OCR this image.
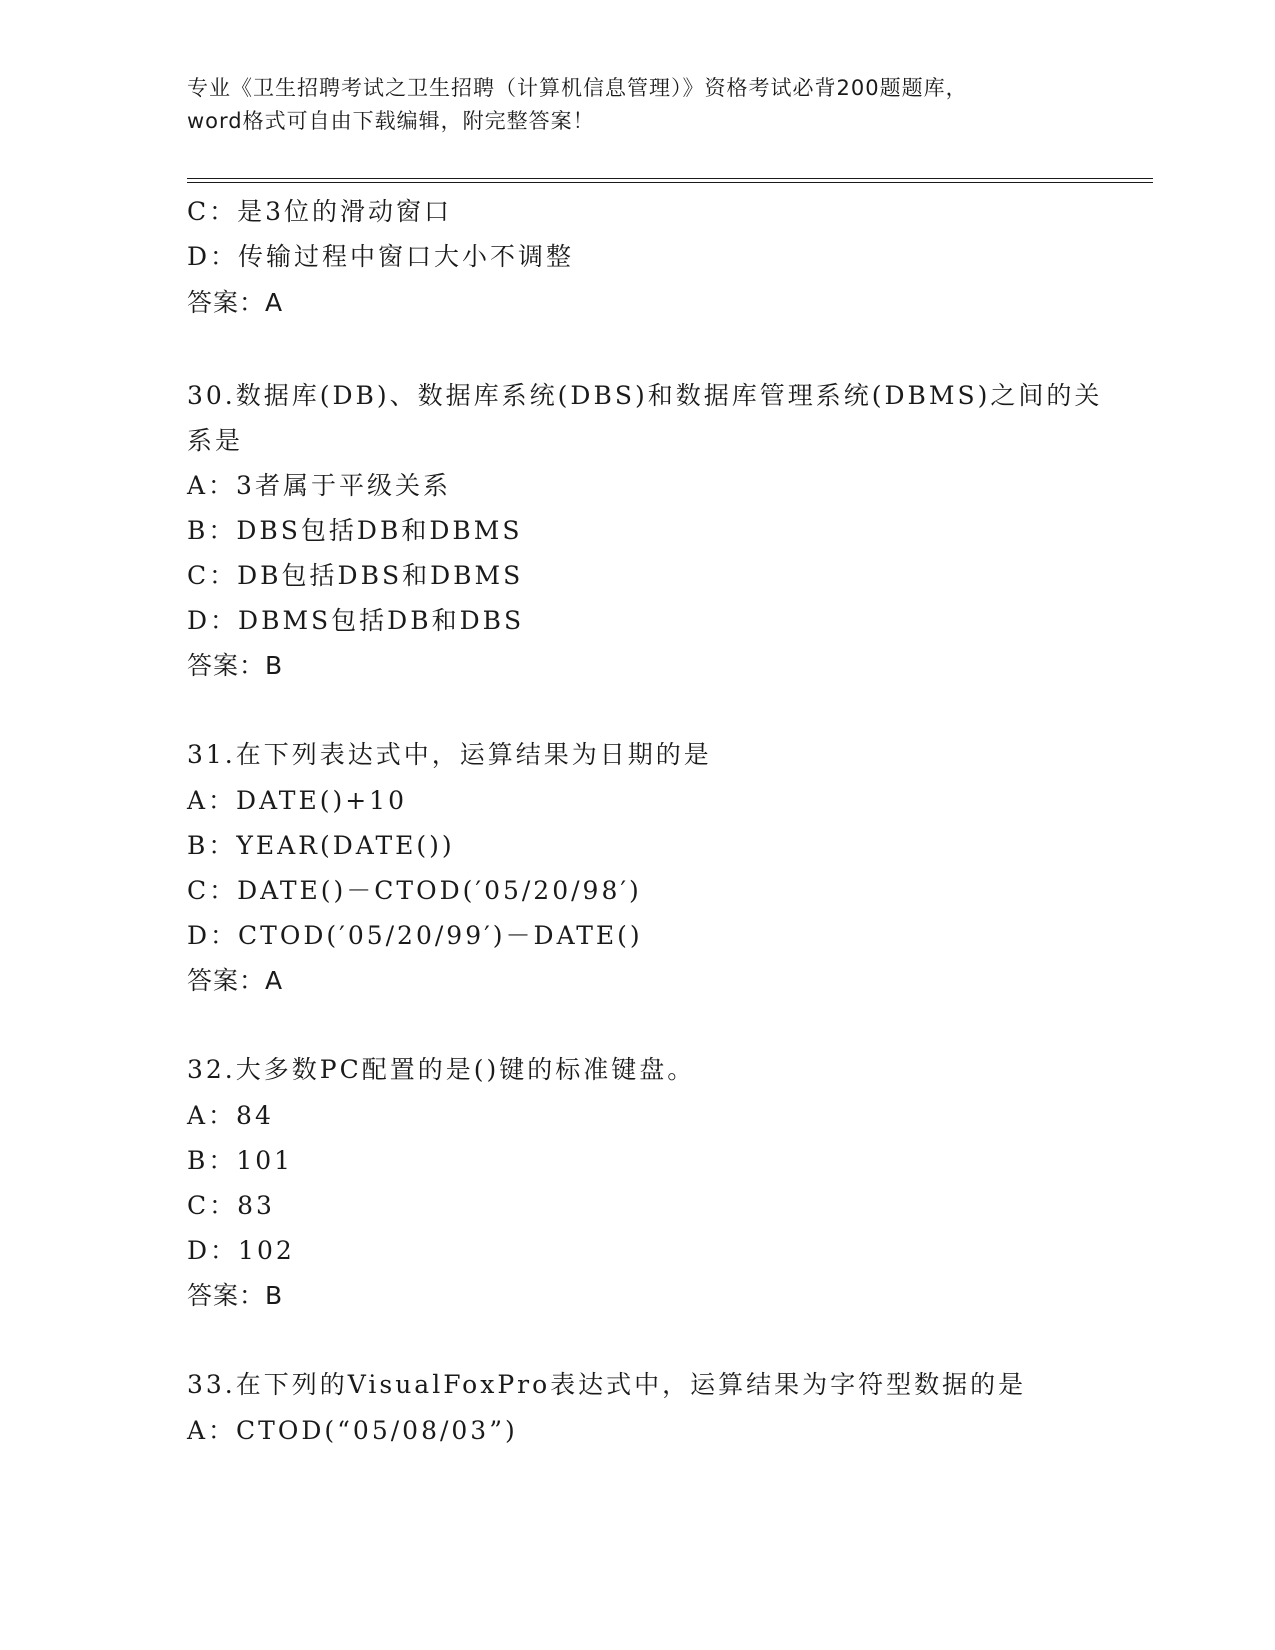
专业《卫生招聘考试之卫生招聘（计算机信息管理）》资格考试必背200题题库，
word格式可自由下载编辑，附完整答案！
C：是3位的滑动窗口
D：传输过程中窗口大小不调整
答案：A
30.数据库(DB)、数据库系统(DBS)和数据库管理系统(DBMS)之间的关
系是
A：3者属于平级关系
B：DBS包括DB和DBMS
C：DB包括DBS和DBMS
D：DBMS包括DB和DBS
答案：B
31.在下列表达式中，运算结果为日期的是
A：DATE()+10
B：YEAR(DATE())
C：DATE()－CTOD(′05/20/98′)
D：CTOD(′05/20/99′)－DATE()
答案：A
32.大多数PC配置的是()键的标准键盘。
A：84
B：101
C：83
D：102
答案：B
33.在下列的VisualFoxPro表达式中，运算结果为字符型数据的是
A：CTOD(“05/08/03”)
